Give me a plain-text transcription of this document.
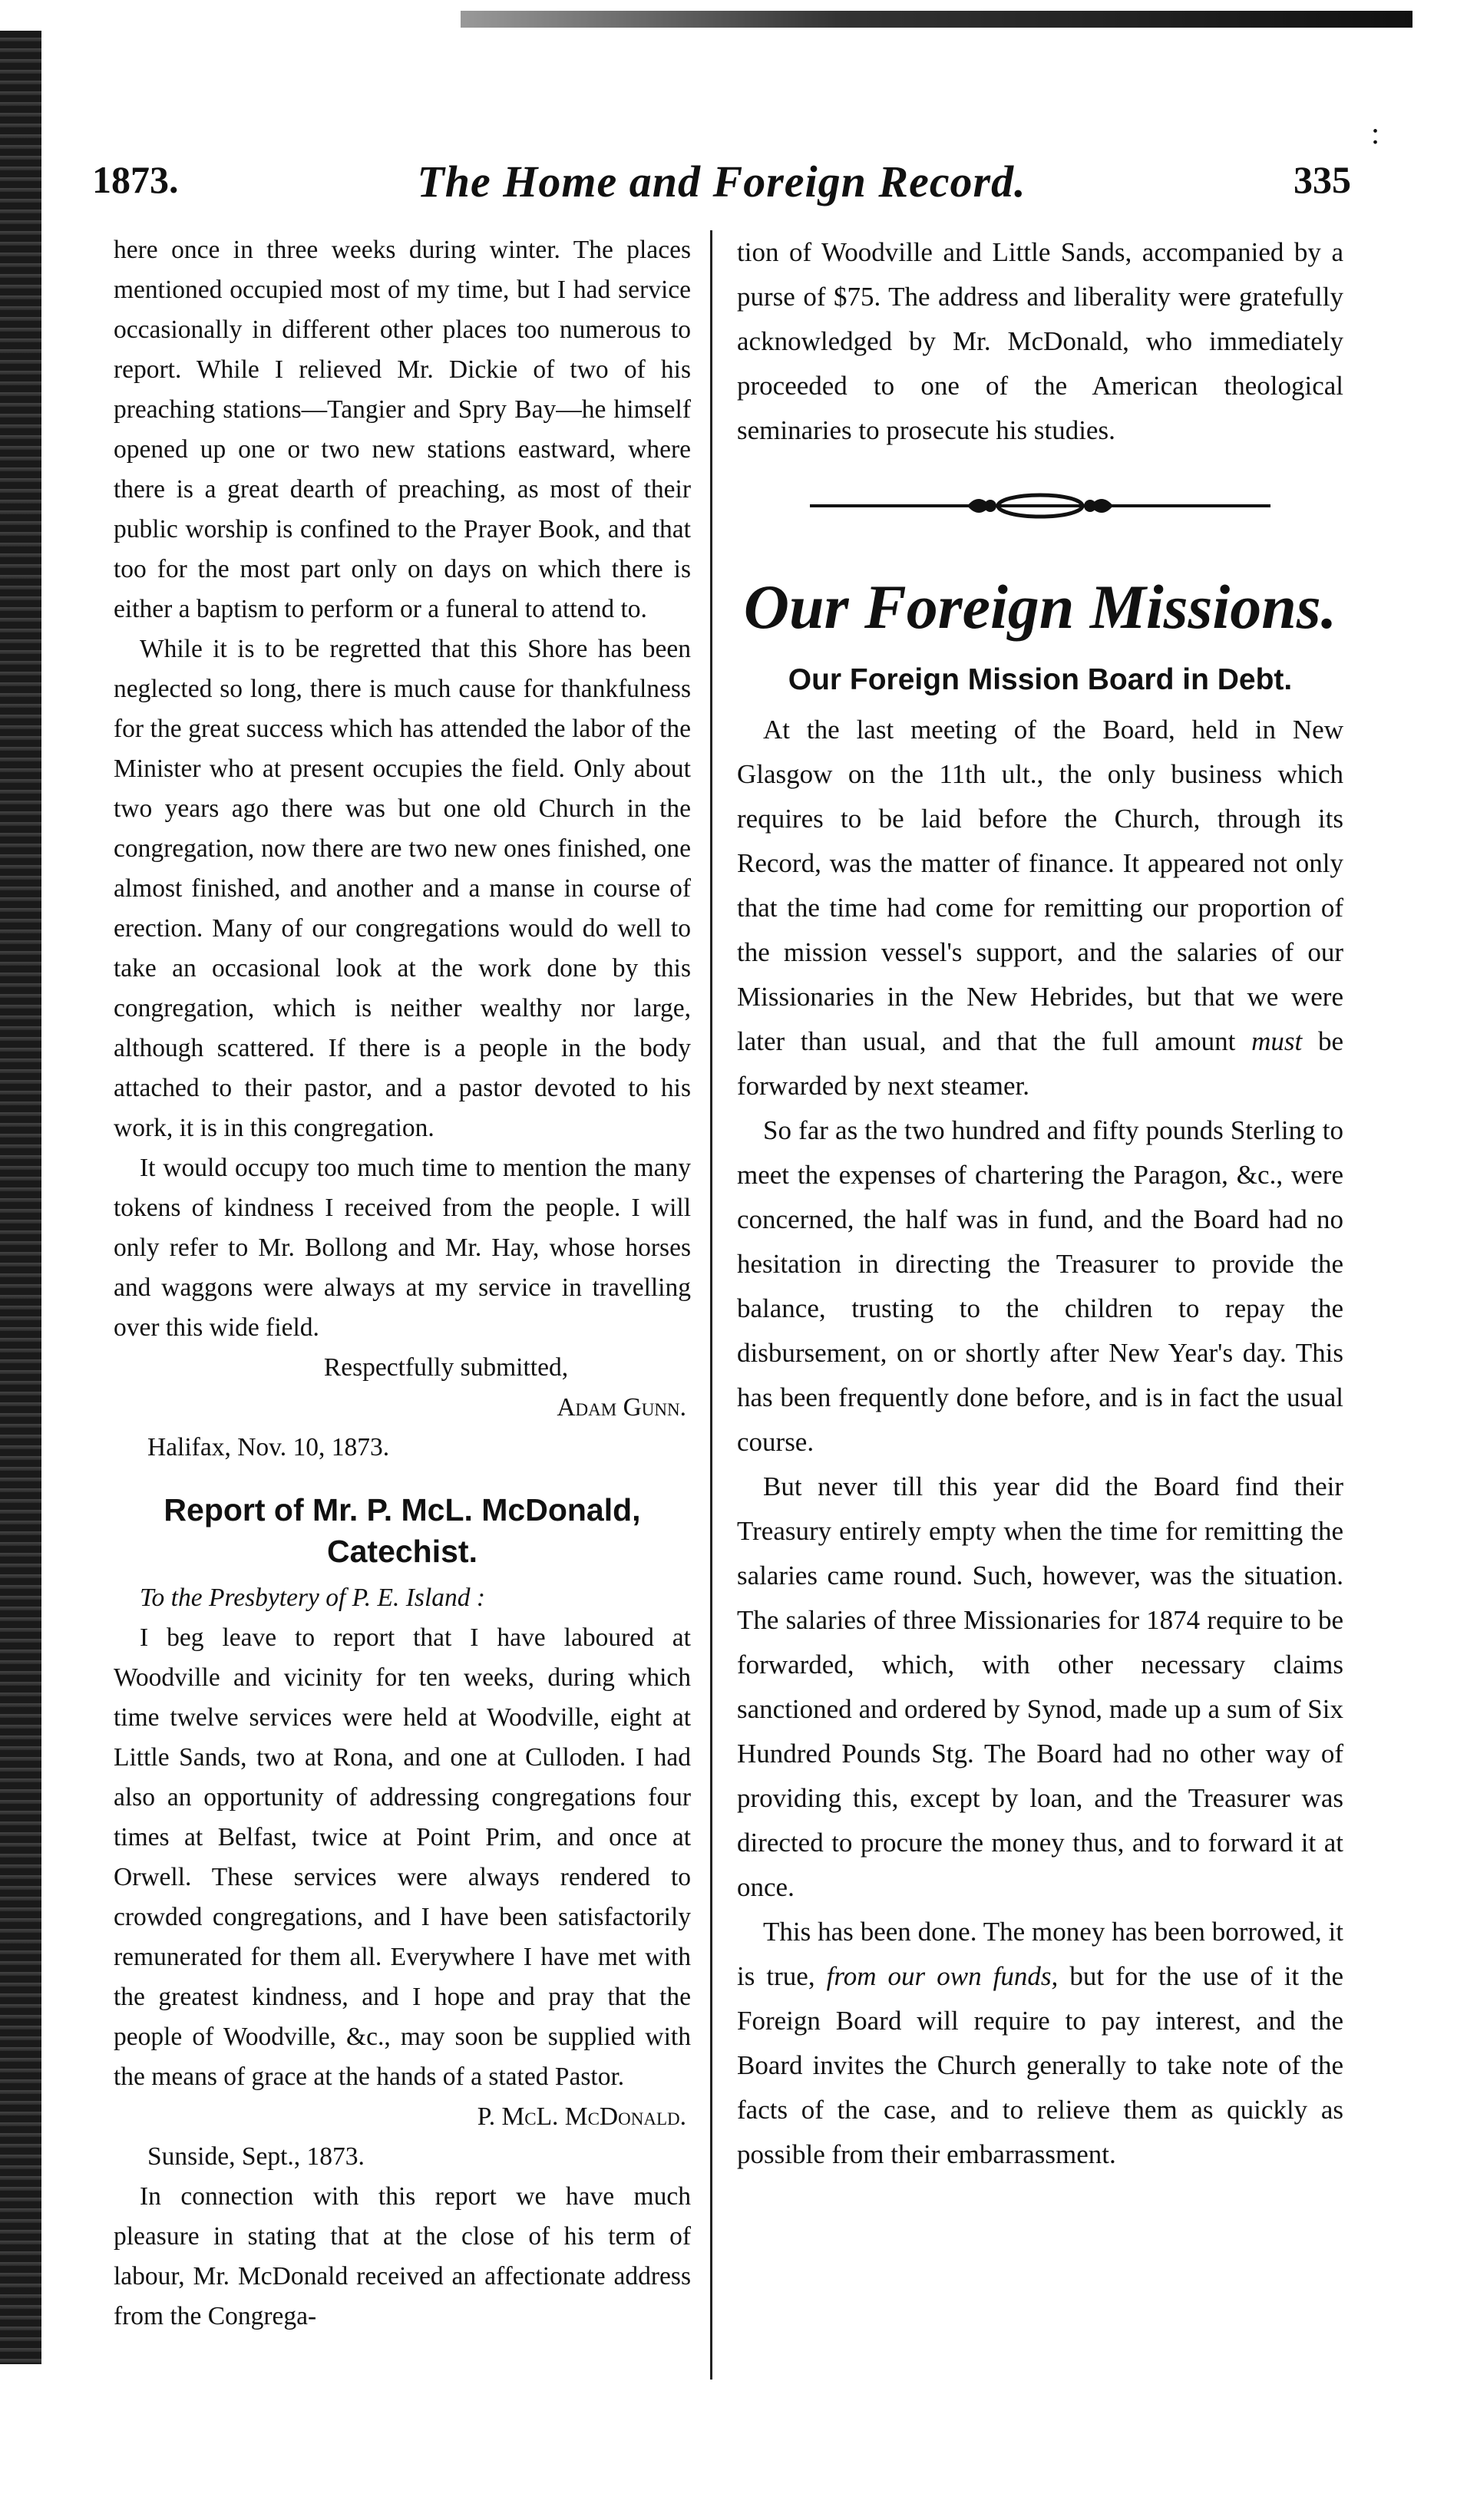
:
1873.	The Home and Foreign Record.	335

here once in three weeks during winter. The places mentioned occupied most of my time, but I had service occasionally in different other places too numerous to report. While I relieved Mr. Dickie of two of his preaching stations—Tangier and Spry Bay—he himself opened up one or two new stations eastward, where there is a great dearth of preaching, as most of their public worship is confined to the Prayer Book, and that too for the most part only on days on which there is either a baptism to perform or a funeral to attend to.

While it is to be regretted that this Shore has been neglected so long, there is much cause for thankfulness for the great success which has attended the labor of the Minister who at present occupies the field. Only about two years ago there was but one old Church in the congregation, now there are two new ones finished, one almost finished, and another and a manse in course of erection. Many of our congregations would do well to take an occasional look at the work done by this congregation, which is neither wealthy nor large, although scattered. If there is a people in the body attached to their pastor, and a pastor devoted to his work, it is in this congregation.

It would occupy too much time to mention the many tokens of kindness I received from the people. I will only refer to Mr. Bollong and Mr. Hay, whose horses and waggons were always at my service in travelling over this wide field.

Respectfully submitted,

Adam Gunn.

Halifax, Nov. 10, 1873.

Report of Mr. P. McL. McDonald, Catechist.

To the Presbytery of P. E. Island :

I beg leave to report that I have laboured at Woodville and vicinity for ten weeks, during which time twelve services were held at Woodville, eight at Little Sands, two at Rona, and one at Culloden. I had also an opportunity of addressing congregations four times at Belfast, twice at Point Prim, and once at Orwell. These services were always rendered to crowded congregations, and I have been satisfactorily remunerated for them all. Everywhere I have met with the greatest kindness, and I hope and pray that the people of Woodville, &c., may soon be supplied with the means of grace at the hands of a stated Pastor.

P. McL. McDonald.

Sunside, Sept., 1873.

In connection with this report we have much pleasure in stating that at the close of his term of labour, Mr. McDonald received an affectionate address from the Congrega-

tion of Woodville and Little Sands, accompanied by a purse of $75. The address and liberality were gratefully acknowledged by Mr. McDonald, who immediately proceeded to one of the American theological seminaries to prosecute his studies.

Our Foreign Missions.
Our Foreign Mission Board in Debt.

At the last meeting of the Board, held in New Glasgow on the 11th ult., the only business which requires to be laid before the Church, through its Record, was the matter of finance. It appeared not only that the time had come for remitting our proportion of the mission vessel's support, and the salaries of our Missionaries in the New Hebrides, but that we were later than usual, and that the full amount must be forwarded by next steamer.

So far as the two hundred and fifty pounds Sterling to meet the expenses of chartering the Paragon, &c., were concerned, the half was in fund, and the Board had no hesitation in directing the Treasurer to provide the balance, trusting to the children to repay the disbursement, on or shortly after New Year's day. This has been frequently done before, and is in fact the usual course.

But never till this year did the Board find their Treasury entirely empty when the time for remitting the salaries came round. Such, however, was the situation. The salaries of three Missionaries for 1874 require to be forwarded, which, with other necessary claims sanctioned and ordered by Synod, made up a sum of Six Hundred Pounds Stg. The Board had no other way of providing this, except by loan, and the Treasurer was directed to procure the money thus, and to forward it at once.

This has been done. The money has been borrowed, it is true, from our own funds, but for the use of it the Foreign Board will require to pay interest, and the Board invites the Church generally to take note of the facts of the case, and to relieve them as quickly as possible from their embarrassment.
